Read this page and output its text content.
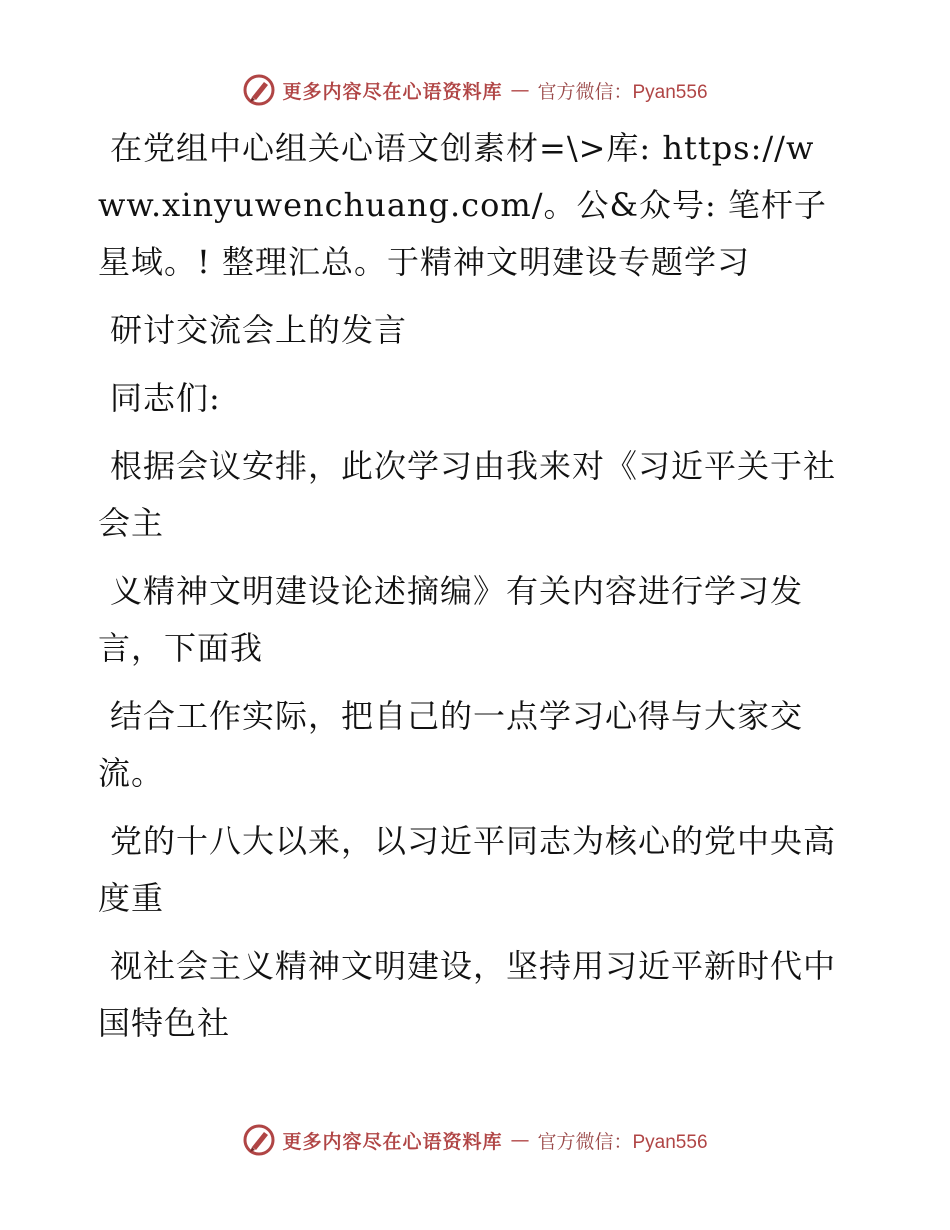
更多内容尽在心语资料库 — 官方微信：Pyan556

在党组中心组关心语文创素材=\>库: https://www.xinyuwenchuang.com/。公&众号: 笔杆子星域。! 整理汇总。于精神文明建设专题学习

研讨交流会上的发言

同志们:

根据会议安排，此次学习由我来对《习近平关于社会主

义精神文明建设论述摘编》有关内容进行学习发言，下面我

结合工作实际，把自己的一点学习心得与大家交流。

党的十八大以来，以习近平同志为核心的党中央高度重

视社会主义精神文明建设，坚持用习近平新时代中国特色社

更多内容尽在心语资料库 — 官方微信：Pyan556
